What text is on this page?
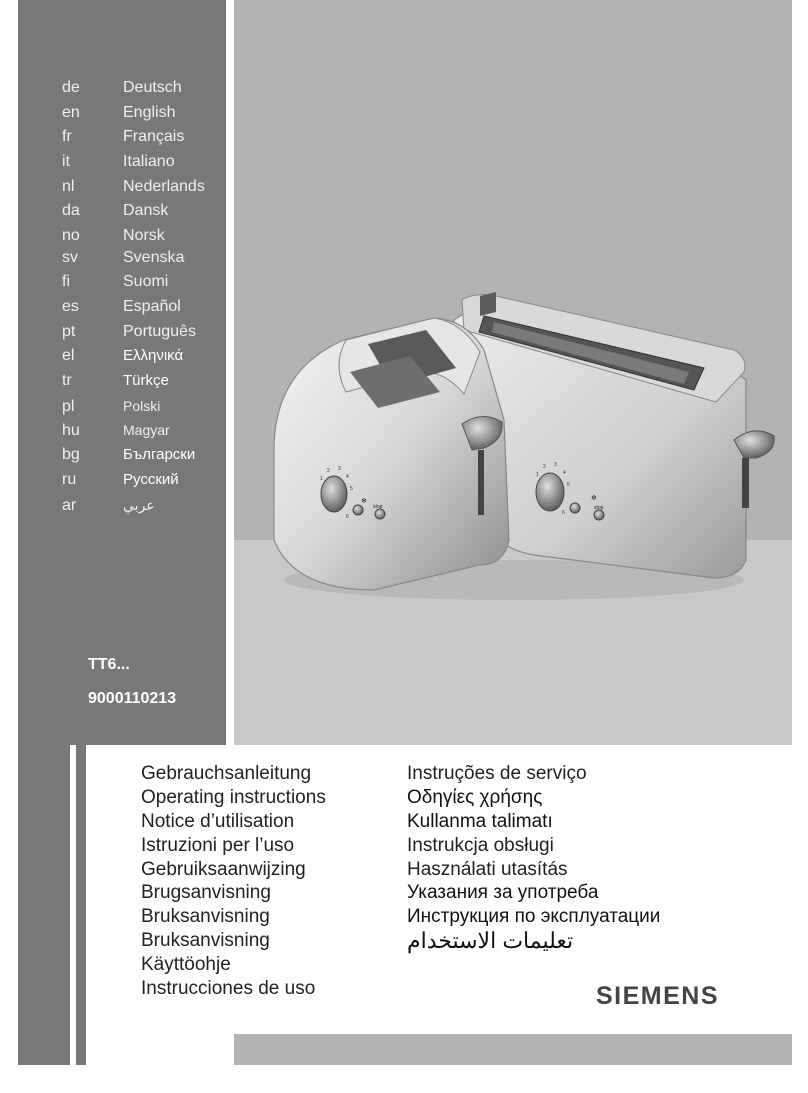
de	Deutsch
en	English
fr	Français
it	Italiano
nl	Nederlands
da	Dansk
no	Norsk
sv	Svenska
fi	Suomi
es	Español
pt	Português
el	Ελληνικά
tr	Türkçe
pl	Polski
hu	Magyar
bg	Български
ru	Русский
ar	عربي
TT6...
9000110213
❄
stop
❄
stop
1
2 3
4
5
6
1
2 3
4
5
6
Gebrauchsanleitung
Operating instructions
Notice d’utilisation
Istruzioni per l’uso
Gebruiksaanwijzing
Brugsanvisning
Bruksanvisning
Bruksanvisning
Käyttöohje
Instrucciones de uso
Instruções de serviço
Οδηγίες χρήσης
Kullanma talimatı
Instrukcja obsługi
Használati utasítás
Указания за употреба
Инструкция по эксплуатации
تعليمات الاستخدام
SIEMENS
